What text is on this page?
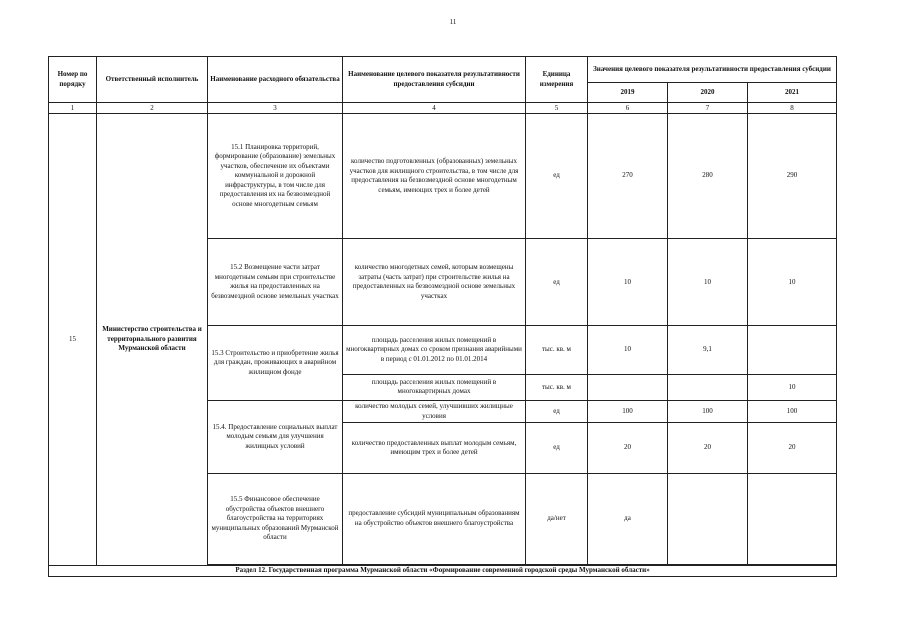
11
Номер по порядку	Ответственный исполнитель	Наименование расходного обязательства	Наименование целевого показателя результативности предоставления субсидии	Единица измерения	Значения целевого показателя результативности предоставления субсидии		
					2019	2020	2021
1	2	3	4	5	6	7	8
15	Министерство строительства и территориального развития Мурманской области	15.1 Планировка территорий, формирование (образование) земельных участков, обеспечение их объектами коммунальной и дорожной инфраструктуры, в том числе для предоставления их на безвозмездной основе многодетным семьям	количество подготовленных (образованных) земельных участков для жилищного строительства, в том числе для предоставления на безвозмездной основе многодетным семьям, имеющих трех и более детей	ед	270	280	290
		15.2 Возмещение части затрат многодетным семьям при строительстве жилья на предоставленных на безвозмездной основе земельных участках	количество многодетных семей, которым возмещены затраты (часть затрат) при строительстве жилья на предоставленных на безвозмездной основе земельных участках	ед	10	10	10
		15.3 Строительство и приобретение жилья для граждан, проживающих в аварийном жилищном фонде	площадь расселения жилых помещений в многоквартирных домах со сроком признания аварийными в период с 01.01.2012 по 01.01.2014	тыс. кв. м	10	9,1	
			площадь расселения жилых помещений в многоквартирных домах	тыс. кв. м			10
		15.4. Предоставление социальных выплат молодым семьям для улучшения жилищных условий	количество молодых семей, улучшивших жилищные условия	ед	100	100	100
			количество предоставленных выплат молодым семьям, имеющим трех и более детей	ед	20	20	20
		15.5 Финансовое обеспечение обустройства объектов внешнего благоустройства на территориях муниципальных образований Мурманской области	предоставление субсидий муниципальным образованиям на обустройство объектов внешнего благоустройства	да/нет	да		

Раздел 12. Государственная программа Мурманской области «Формирование современной городской среды Мурманской области»							
